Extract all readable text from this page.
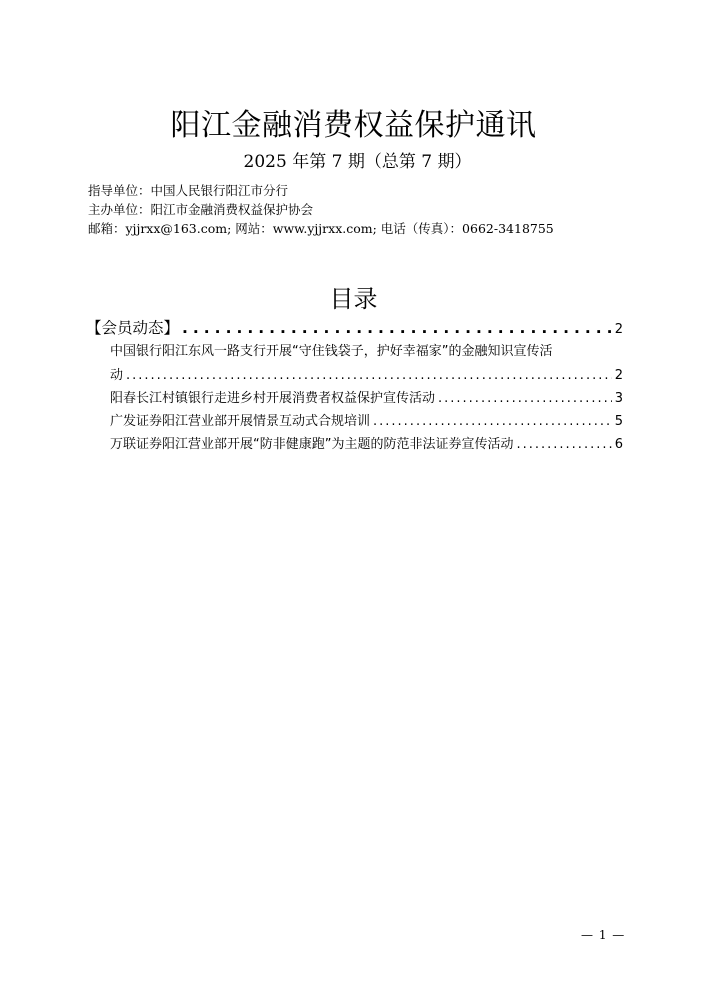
阳江金融消费权益保护通讯
2025 年第 7 期（总第 7 期）
指导单位：中国人民银行阳江市分行
主办单位：阳江市金融消费权益保护协会
邮箱：yjjrxx@163.com; 网站：www.yjjrxx.com; 电话（传真）：0662-3418755
目录
【会员动态】 .....	2
中国银行阳江东风一路支行开展“守住钱袋子，护好幸福家”的金融知识宣传活
动 .....	2
阳春长江村镇银行走进乡村开展消费者权益保护宣传活动 .....	3
广发证券阳江营业部开展情景互动式合规培训 .....	5
万联证券阳江营业部开展“防非健康跑”为主题的防范非法证券宣传活动 .....	6
— 1 —
